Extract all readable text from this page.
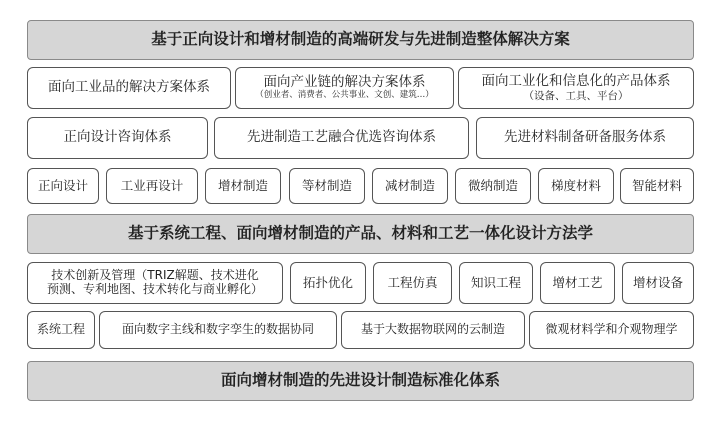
基于正向设计和增材制造的高端研发与先进制造整体解决方案
面向工业品的解决方案体系	面向产业链的解决方案体系
（创业者、消费者、公共事业、文创、建筑…）
面向工业化和信息化的产品体系
（设备、工具、平台）
正向设计咨询体系	先进制造工艺融合优选咨询体系	先进材料制备研备服务体系
正向设计	工业再设计	增材制造	等材制造	减材制造	微纳制造	梯度材料 智能材料
基于系统工程、面向增材制造的产品、材料和工艺一体化设计方法学
技术创新及管理（TRIZ解题、技术进化
预测、专利地图、技术转化与商业孵化）	拓扑优化	工程仿真	知识工程	增材工艺 增材设备
系统工程	面向数字主线和数字孪生的数据协同	基于大数据物联网的云制造	微观材料学和介观物理学
面向增材制造的先进设计制造标准化体系
